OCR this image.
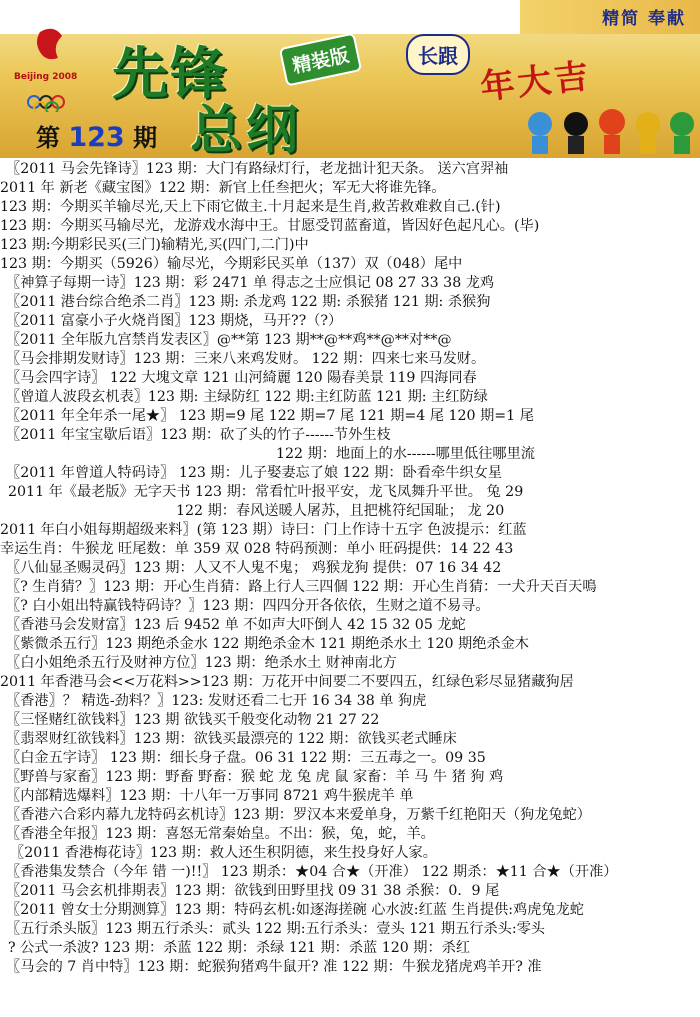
精简 奉献
Beijing 2008 先锋	精装版
总纲
第 123 期
长跟
年大吉
〖2011 马会先锋诗〗123 期：大门有路绿灯行，老龙拙计犯天条。 送六宫羿袖
2011 年 新老《藏宝图》122 期：新官上任叁把火；军无大将谁先锋。
123 期：今期买羊输尽光,天上下雨它做主.十月起来是生肖,救苦救难救自己.(针)
123 期：今期买马输尽光，龙游戏水海中王。甘愿受罚蓝畜道，皆因好色起凡心。(毕)
123 期:今期彩民买(三门)输精光,买(四门,二门)中
123 期：今期买（5926）输尽光，今期彩民买单（137）双（048）尾中
〖神算子每期一诗〗123 期：彩 2471 单 得志之士应惧记 08 27 33 38 龙鸡
〖2011 港台综合绝杀二肖〗123 期: 杀龙鸡 122 期: 杀猴猪 121 期: 杀猴狗
〖2011 富豪小子火烧肖图〗123 期烧，马开??（?）
〖2011 全年版九宫禁肖发表区〗@**第 123 期**@**鸡**@**对**@
〖马会排期发财诗〗123 期：三来八来鸡发财。 122 期：四来七来马发财。
〖马会四字诗〗 122 大塊文章 121 山河綺麗 120 陽春美景 119 四海同春
〖曾道人波段玄机表〗123 期: 主绿防红 122 期:主红防蓝 121 期: 主红防绿
〖2011 年全年杀一尾★〗 123 期=9 尾 122 期=7 尾 121 期=4 尾 120 期=1 尾
〖2011 年宝宝歇后语〗123 期：砍了头的竹子------节外生枝
122 期：地面上的水------哪里低往哪里流
〖2011 年曾道人特码诗〗 123 期：儿子娶妻忘了娘 122 期：卧看牵牛织女星
2011 年《最老版》无字天书 123 期：常看忙叶报平安，龙飞凤舞升平世。 兔 29
122 期：春风送暖人屠苏，且把桃符纪国耻； 龙 20
2011 年白小姐每期超级来料〗(第 123 期）诗曰：门上作诗十五字 色波提示：红蓝
幸运生肖：牛猴龙 旺尾数：单 359 双 028 特码预测：单小 旺码提供：14 22 43
〖八仙显圣赐灵码〗123 期：人又不人鬼不鬼； 鸡猴龙狗 提供：07 16 34 42
〖? 生肖猜？〗123 期：开心生肖猜：路上行人三四個 122 期：开心生肖猜：一犬升天百天鳴
〖? 白小姐出特赢钱特码诗？〗123 期：四四分开各依依，生财之道不易寻。
〖香港马会发财富〗123 后 9452 单 不如声大吓倒人 42 15 32 05 龙蛇
〖紫微杀五行〗123 期绝杀金水 122 期绝杀金木 121 期绝杀水土 120 期绝杀金木
〖白小姐绝杀五行及财神方位〗123 期：绝杀水土 财神南北方
2011 年香港马会<<万花料>>123 期：万花开中间要二不要四五，红绿色彩尽显猪藏狗居
〖香港〗？ 精选-劲料？〗123: 发财还看二七开 16 34 38 单 狗虎
〖三怪赌红欲钱料〗123 期 欲钱买千般变化动物 21 27 22
〖翡翠财红欲钱料〗123 期：欲钱买最漂亮的 122 期：欲钱买老式睡床
〖白金五字诗〗 123 期：细长身子盘。06 31 122 期：三五毒之一。09 35
〖野兽与家畜〗123 期：野畜 野畜：猴 蛇 龙 兔 虎 鼠 家畜：羊 马 牛 猪 狗 鸡
〖内部精选爆料〗123 期：十八年一万事同 8721 鸡牛猴虎羊 单
〖香港六合彩内幕九龙特码玄机诗〗123 期：罗汉本来爱单身，万紫千红艳阳天（狗龙兔蛇）
〖香港全年报〗123 期：喜怒无常秦始皇。不出：猴，兔，蛇，羊。
〖2011 香港梅花诗〗123 期：救人还生积阴德，来生投身好人家。
〖香港集发禁合（今年 错 一)!!〗 123 期杀：★04 合★（开准） 122 期杀：★11 合★（开准）
〖2011 马会玄机排期表〗123 期：欲钱到田野里找 09 31 38 杀猴：0．9 尾
〖2011 曾女士分期测算〗123 期：特码玄机:如逐海搓碗 心水波:红蓝 生肖提供:鸡虎兔龙蛇
〖五行杀头版〗123 期五行杀头：贰头 122 期:五行杀头：壹头 121 期五行杀头:零头
? 公式一杀波? 123 期：杀蓝 122 期：杀绿 121 期：杀蓝 120 期：杀红
〖马会的 7 肖中特〗123 期：蛇猴狗猪鸡牛鼠开? 准 122 期：牛猴龙猪虎鸡羊开? 准
